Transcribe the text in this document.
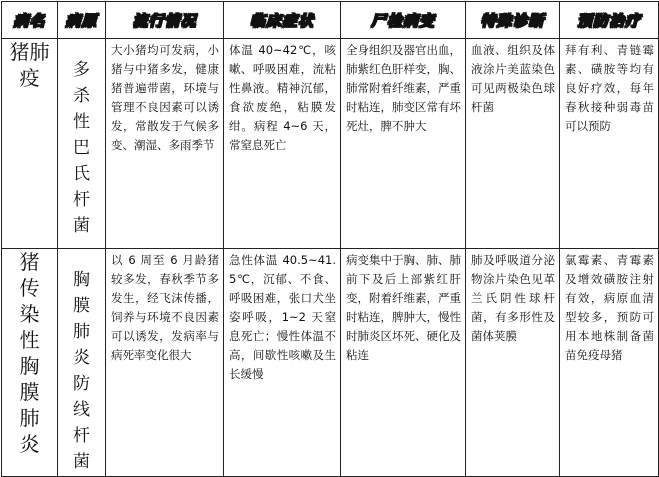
病名	病原	流行情况	临床症状	尸检病变	特殊诊断	预防治疗

猪肺疫	多杀性巴氏杆菌	大小猪均可发病，小猪与中猪多发，健康猪普遍带菌，环境与管理不良因素可以诱发，常散发于气候多变、潮湿、多雨季节	体温 40~42℃，咳嗽、呼吸困难，流粘性鼻液。精神沉郁，食欲废绝，粘膜发绀。病程 4~6 天，常窒息死亡	全身组织及器官出血，肺紫红色肝样变，胸、肺常附着纤维素，严重时粘连，肺变区常有坏死灶，脾不肿大	血液、组织及体液涂片美蓝染色可见两极染色球杆菌	拜有利、青链霉素、磺胺等均有良好疗效，每年春秋接种弱毒苗可以预防

猪传染性胸膜肺炎	胸膜肺炎防线杆菌	以 6 周至 6 月龄猪较多发，春秋季节多发生，经飞沫传播，饲养与环境不良因素可以诱发，发病率与病死率变化很大	急性体温 40.5~41.5℃，沉郁、不食、呼吸困难，张口犬坐姿呼吸，1~2 天窒息死亡；慢性体温不高，间歇性咳嗽及生长缓慢	病变集中于胸、肺、肺前下及后上部紫红肝变，附着纤维素，严重时粘连，脾肿大，慢性时肺炎区坏死、硬化及粘连	肺及呼吸道分泌物涂片染色见革兰氏阴性球杆菌，有多形性及菌体荚膜	氯霉素、青霉素及增效磺胺注射有效，病原血清型较多，预防可用本地株制备菌苗免疫母猪
